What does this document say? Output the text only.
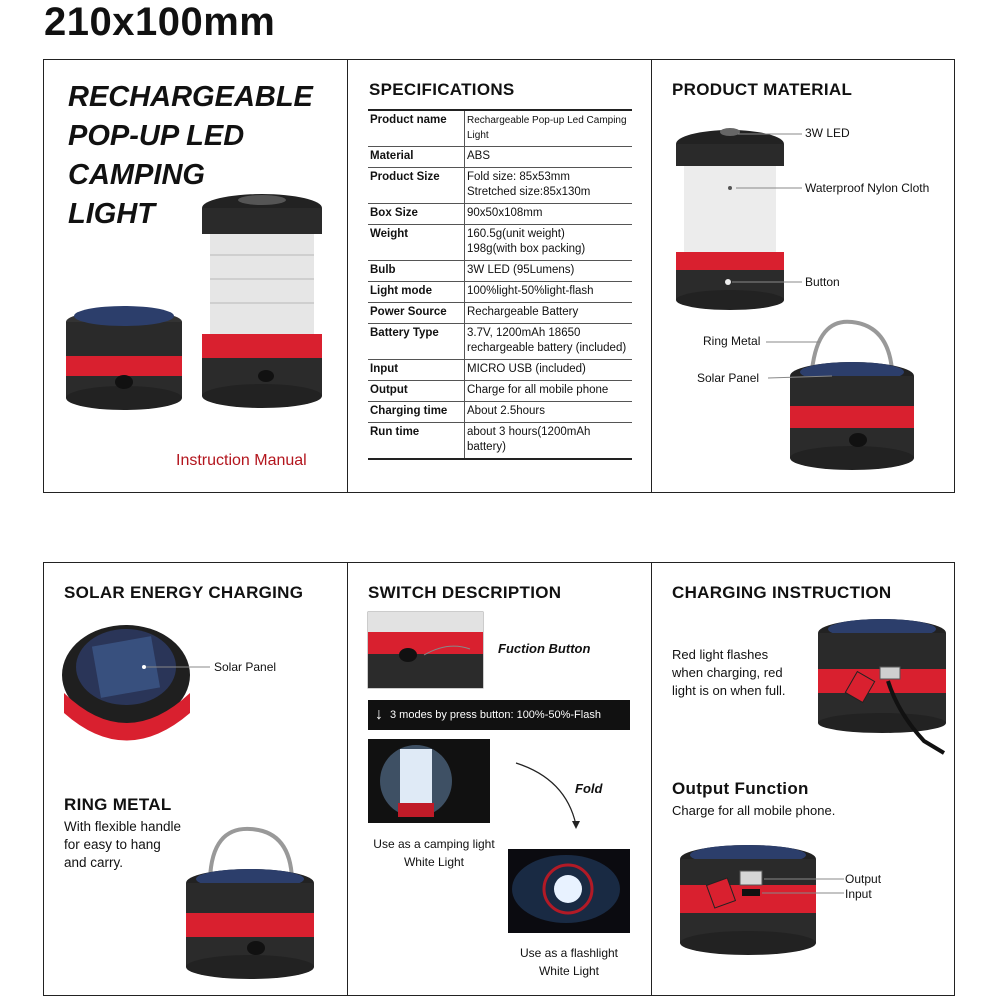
210x100mm
RECHARGEABLE
POP-UP LED
CAMPING
LIGHT
Instruction Manual
SPECIFICATIONS
Product name	Rechargeable Pop-up Led Camping Light

Material	ABS

Product Size	Fold size: 85x53mm
Stretched size:85x130m

Box Size	90x50x108mm

Weight	160.5g(unit weight)
198g(with box packing)

Bulb	3W LED (95Lumens)

Light mode	100%light-50%light-flash

Power Source	Rechargeable Battery

Battery Type	3.7V, 1200mAh 18650
rechargeable battery (included)

Input	MICRO USB (included)

Output	Charge for all mobile phone

Charging time	About 2.5hours

Run time	about 3 hours(1200mAh battery)
PRODUCT MATERIAL
3W LED
Waterproof Nylon Cloth
Button
Ring Metal
Solar Panel
SOLAR ENERGY CHARGING
Solar Panel
RING METAL
With flexible handle
for easy to hang
and carry.
SWITCH DESCRIPTION
Fuction Button
↓ 3 modes by press button: 100%-50%-Flash
Fold
Use as a camping light
White Light
Use as a flashlight
White Light
CHARGING INSTRUCTION
Red light flashes
when charging, red
light is on when full.
Output Function
Charge for all mobile phone.
Output
Input
